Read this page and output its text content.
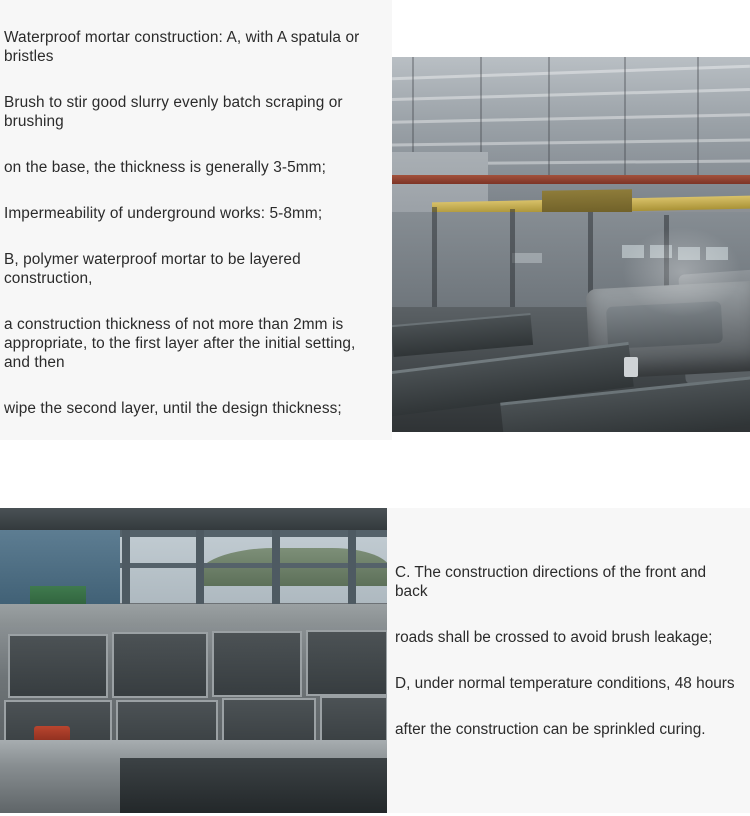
Waterproof mortar construction: A, with A spatula or bristles

Brush to stir good slurry evenly batch scraping or brushing

on the base, the thickness is generally 3-5mm;

Impermeability of underground works: 5-8mm;

B, polymer waterproof mortar to be layered construction,

a construction thickness of not more than 2mm is appropriate, to the first layer after the initial setting, and then

wipe the second layer, until the design thickness;

C. The construction directions of the front and back

roads shall be crossed to avoid brush leakage;

D, under normal temperature conditions, 48 hours

after the construction can be sprinkled curing.
